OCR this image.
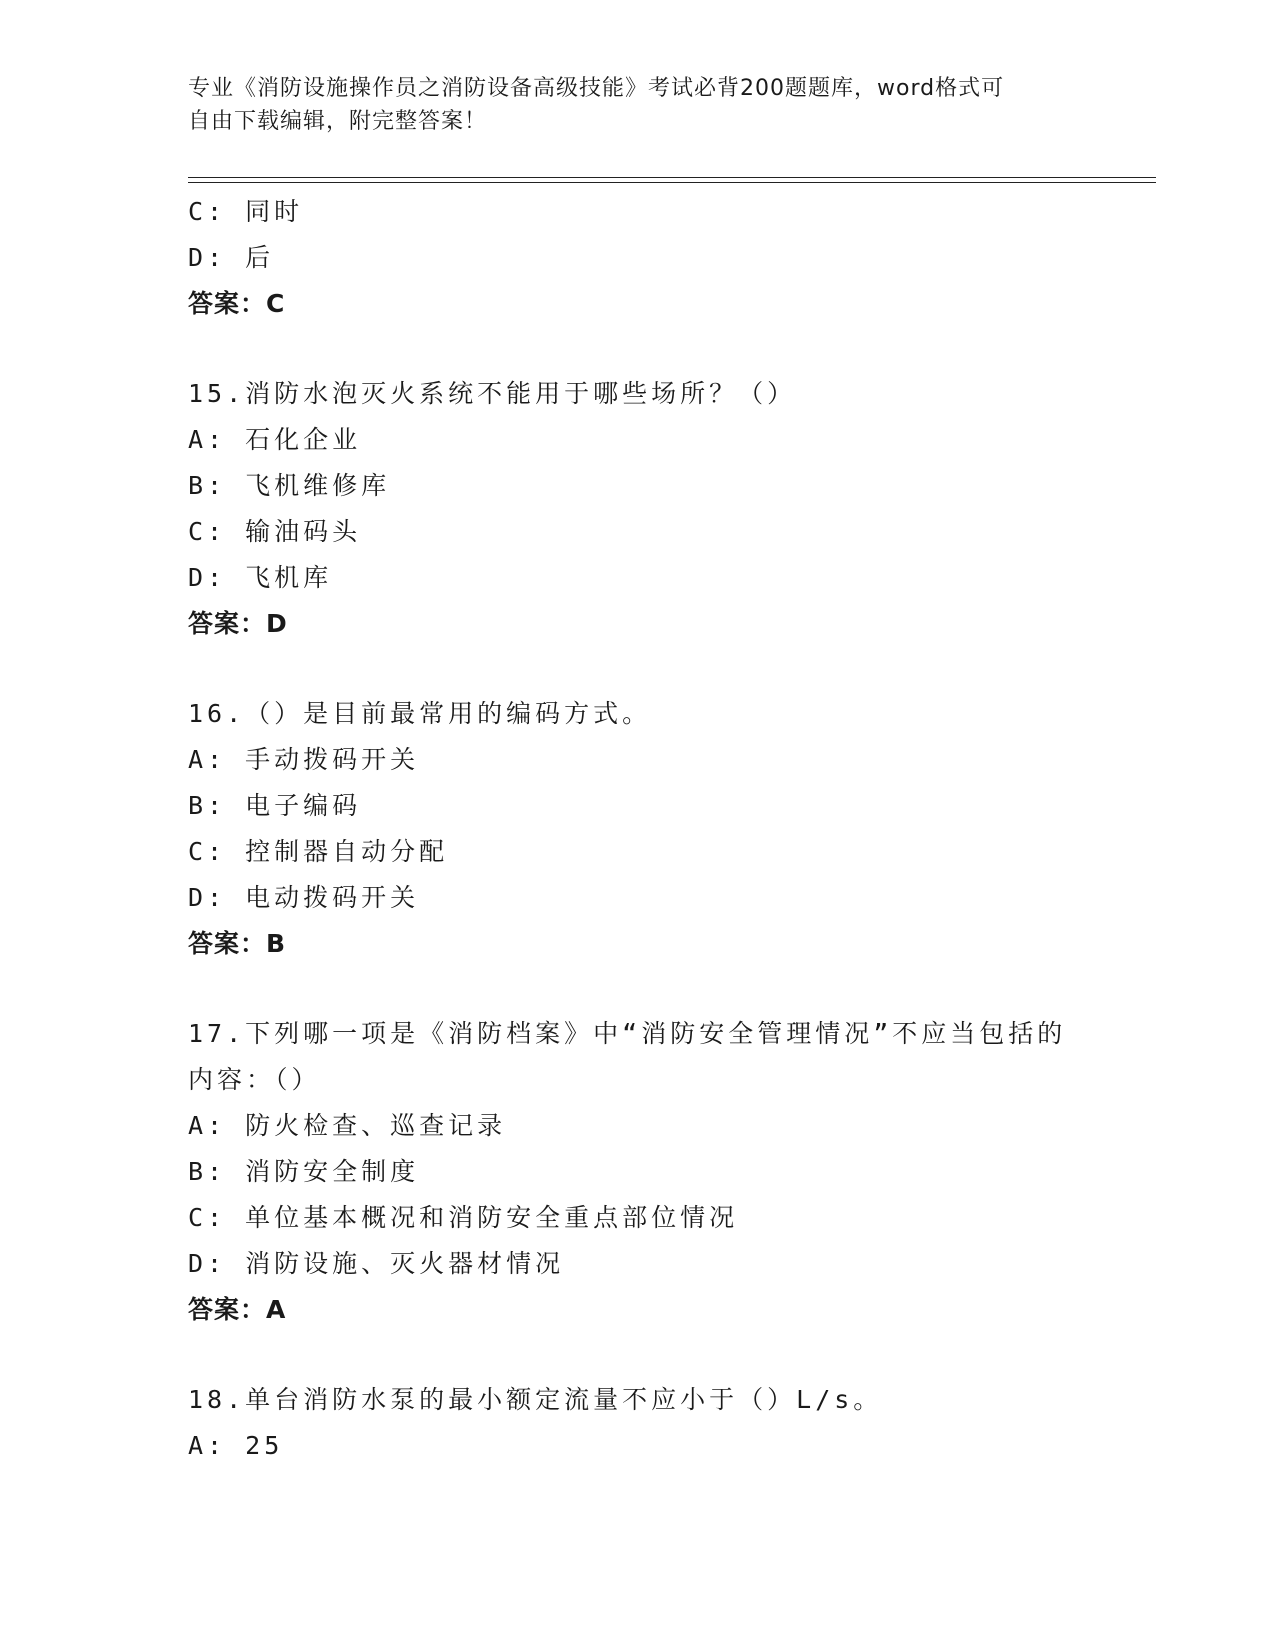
专业《消防设施操作员之消防设备高级技能》考试必背200题题库，word格式可
自由下载编辑，附完整答案！
C: 同时
D: 后
答案：C
15.消防水泡灭火系统不能用于哪些场所？（）
A: 石化企业
B: 飞机维修库
C: 输油码头
D: 飞机库
答案：D
16.（）是目前最常用的编码方式。
A: 手动拨码开关
B: 电子编码
C: 控制器自动分配
D: 电动拨码开关
答案：B
17.下列哪一项是《消防档案》中“消防安全管理情况”不应当包括的
内容：（）
A: 防火检查、巡查记录
B: 消防安全制度
C: 单位基本概况和消防安全重点部位情况
D: 消防设施、灭火器材情况
答案：A
18.单台消防水泵的最小额定流量不应小于（）L/s。
A: 25
